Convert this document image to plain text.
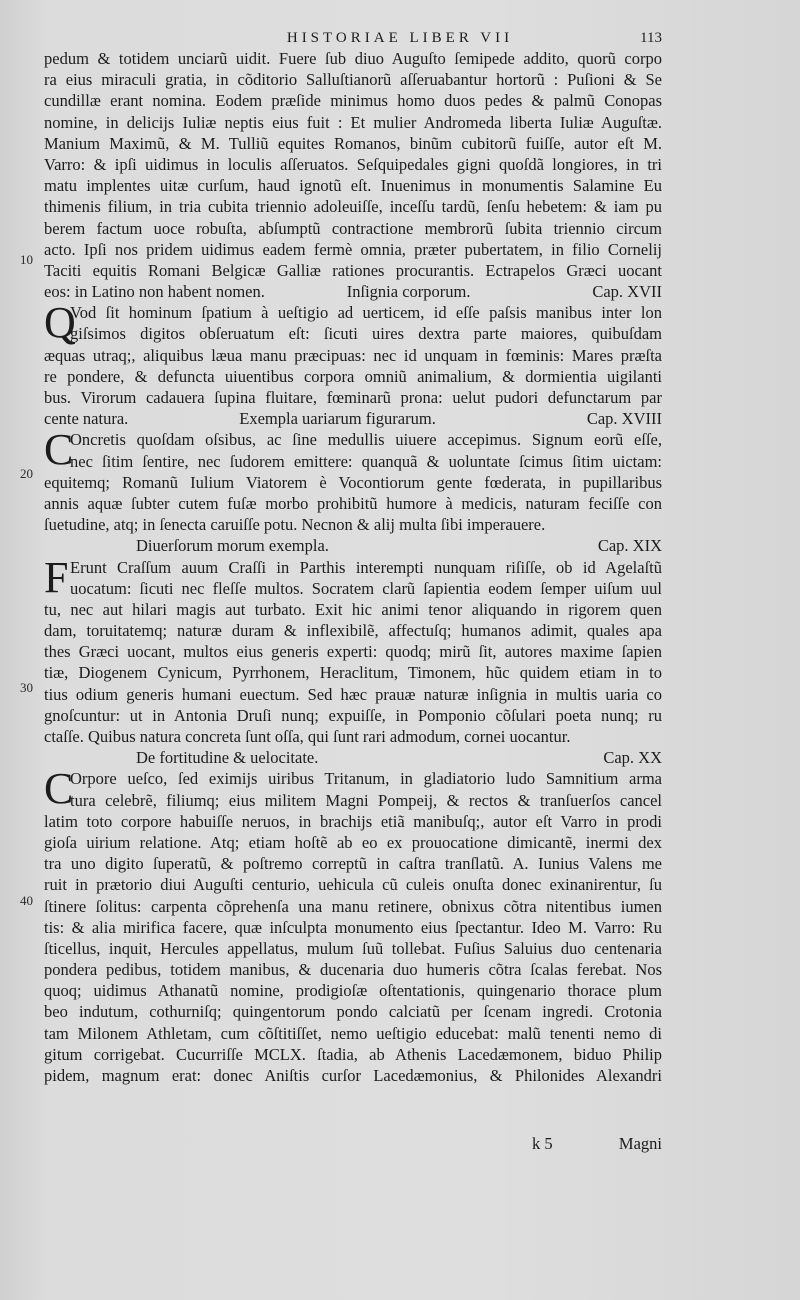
HISTORIAE LIBER VII	113
10
20
30
40
pedum & totidem unciarũ uidit. Fuere ſub diuo Auguſto ſemipede addito, quorũ corpo
ra eius miraculi gratia, in cõditorio Salluſtianorũ aſſeruabantur hortorũ : Puſioni & Se
cundillæ erant nomina. Eodem præſide minimus homo duos pedes & palmũ Conopas
nomine, in delicijs Iuliæ neptis eius fuit : Et mulier Andromeda liberta Iuliæ Auguſtæ.
Manium Maximũ, & M. Tulliũ equites Romanos, binũm cubitorũ fuiſſe, autor eſt M.
Varro: & ipſi uidimus in loculis aſſeruatos. Seſquipedales gigni quoſdã longiores, in tri
matu implentes uitæ curſum, haud ignotũ eſt. Inuenimus in monumentis Salamine Eu
thimenis filium, in tria cubita triennio adoleuiſſe, inceſſu tardũ, ſenſu hebetem: & iam pu
berem factum uoce robuſta, abſumptũ contractione membrorũ ſubita triennio circum
acto. Ipſi nos pridem uidimus eadem fermè omnia, præter pubertatem, in filio Cornelij
Taciti equitis Romani Belgicæ Galliæ rationes procurantis. Ectrapelos Græci uocant
eos: in Latino non habent nomen.	Inſignia corporum.	Cap. XVII
Q
Vod ſit hominum ſpatium à ueſtigio ad uerticem, id eſſe paſsis manibus inter lon
giſsimos digitos obſeruatum eſt: ſicuti uires dextra parte maiores, quibuſdam
æquas utraq;, aliquibus læua manu præcipuas: nec id unquam in fœminis: Mares præſta
re pondere, & defuncta uiuentibus corpora omniũ animalium, & dormientia uigilanti
bus. Virorum cadauera ſupina fluitare, fœminarũ prona: uelut pudori defunctarum par
cente natura.	Exempla uariarum figurarum.	Cap. XVIII
C
Oncretis quoſdam oſsibus, ac ſine medullis uiuere accepimus. Signum eorũ eſſe,
nec ſitim ſentire, nec ſudorem emittere: quanquã & uoluntate ſcimus ſitim uictam:
equitemq; Romanũ Iulium Viatorem è Vocontiorum gente fœderata, in pupillaribus
annis aquæ ſubter cutem fuſæ morbo prohibitũ humore à medicis, naturam feciſſe con
ſuetudine, atq; in ſenecta caruiſſe potu. Necnon & alij multa ſibi imperauere.
Diuerſorum morum exempla.	Cap. XIX
F Erunt Craſſum auum Craſſi in Parthis interempti nunquam riſiſſe, ob id Agelaſtũ
uocatum: ſicuti nec fleſſe multos. Socratem clarũ ſapientia eodem ſemper uiſum uul
tu, nec aut hilari magis aut turbato. Exit hic animi tenor aliquando in rigorem quen
dam, toruitatemq; naturæ duram & inflexibilẽ, affectuſq; humanos adimit, quales apa
thes Græci uocant, multos eius generis experti: quodq; mirũ ſit, autores maxime ſapien
tiæ, Diogenem Cynicum, Pyrrhonem, Heraclitum, Timonem, hũc quidem etiam in to
tius odium generis humani euectum. Sed hæc prauæ naturæ inſignia in multis uaria co
gnoſcuntur: ut in Antonia Druſi nunq; expuiſſe, in Pomponio cõſulari poeta nunq; ru
ctaſſe. Quibus natura concreta ſunt oſſa, qui ſunt rari admodum, cornei uocantur.
De fortitudine & uelocitate.	Cap. XX
C
Orpore ueſco, ſed eximijs uiribus Tritanum, in gladiatorio ludo Samnitium arma
tura celebrẽ, filiumq; eius militem Magni Pompeij, & rectos & tranſuerſos cancel
latim toto corpore habuiſſe neruos, in brachijs etiã manibuſq;, autor eſt Varro in prodi
gioſa uirium relatione. Atq; etiam hoſtẽ ab eo ex prouocatione dimicantẽ, inermi dex
tra uno digito ſuperatũ, & poſtremo correptũ in caſtra tranſlatũ. A. Iunius Valens me
ruit in prætorio diui Auguſti centurio, uehicula cũ culeis onuſta donec exinanirentur, ſu
ſtinere ſolitus: carpenta cõprehenſa una manu retinere, obnixus cõtra nitentibus iumen
tis: & alia mirifica facere, quæ inſculpta monumento eius ſpectantur. Ideo M. Varro: Ru
ſticellus, inquit, Hercules appellatus, mulum ſuũ tollebat. Fuſius Saluius duo centenaria
pondera pedibus, totidem manibus, & ducenaria duo humeris cõtra ſcalas ferebat. Nos
quoq; uidimus Athanatũ nomine, prodigioſæ oſtentationis, quingenario thorace plum
beo indutum, cothurniſq; quingentorum pondo calciatũ per ſcenam ingredi. Crotonia
tam Milonem Athletam, cum cõſtitiſſet, nemo ueſtigio educebat: malũ tenenti nemo di
gitum corrigebat. Cucurriſſe MCLX. ſtadia, ab Athenis Lacedæmonem, biduo Philip
pidem, magnum erat: donec Aniſtis curſor Lacedæmonius, & Philonides Alexandri
k 5	Magni
